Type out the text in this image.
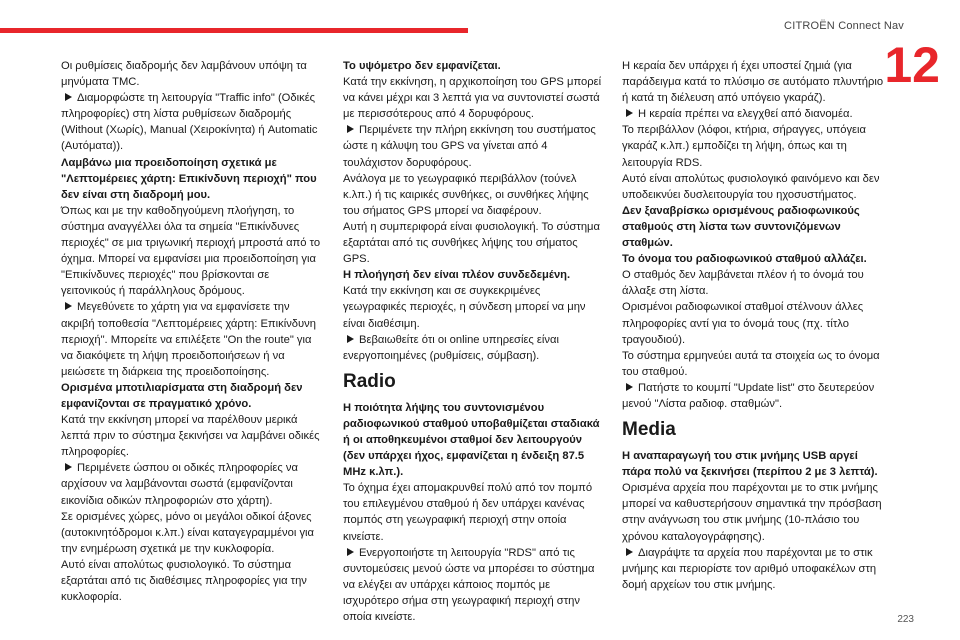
CITROËN Connect Nav
12

Οι ρυθμίσεις διαδρομής δεν λαμβάνουν υπόψη τα μηνύματα TMC.

Διαμορφώστε τη λειτουργία "Traffic info" (Οδικές πληροφορίες) στη λίστα ρυθμίσεων διαδρομής (Without (Χωρίς), Manual (Χειροκίνητα) ή Automatic (Αυτόματα)).

Λαμβάνω μια προειδοποίηση σχετικά με "Λεπτομέρειες χάρτη: Επικίνδυνη περιοχή" που δεν είναι στη διαδρομή μου.

Όπως και με την καθοδηγούμενη πλοήγηση, το σύστημα αναγγέλλει όλα τα σημεία "Επικίνδυνες περιοχές" σε μια τριγωνική περιοχή μπροστά από το όχημα. Μπορεί να εμφανίσει μια προειδοποίηση για "Επικίνδυνες περιοχές" που βρίσκονται σε γειτονικούς ή παράλληλους δρόμους.

Μεγεθύνετε το χάρτη για να εμφανίσετε την ακριβή τοποθεσία "Λεπτομέρειες χάρτη: Επικίνδυνη περιοχή". Μπορείτε να επιλέξετε "On the route" για να διακόψετε τη λήψη προειδοποιήσεων ή να μειώσετε τη διάρκεια της προειδοποίησης.

Ορισμένα μποτιλιαρίσματα στη διαδρομή δεν εμφανίζονται σε πραγματικό χρόνο.

Κατά την εκκίνηση μπορεί να παρέλθουν μερικά λεπτά πριν το σύστημα ξεκινήσει να λαμβάνει οδικές πληροφορίες.

Περιμένετε ώσπου οι οδικές πληροφορίες να αρχίσουν να λαμβάνονται σωστά (εμφανίζονται εικονίδια οδικών πληροφοριών στο χάρτη).

Σε ορισμένες χώρες, μόνο οι μεγάλοι οδικοί άξονες (αυτοκινητόδρομοι κ.λπ.) είναι καταγεγραμμένοι για την ενημέρωση σχετικά με την κυκλοφορία.

Αυτό είναι απολύτως φυσιολογικό. Το σύστημα εξαρτάται από τις διαθέσιμες πληροφορίες για την κυκλοφορία.

Το υψόμετρο δεν εμφανίζεται.

Κατά την εκκίνηση, η αρχικοποίηση του GPS μπορεί να κάνει μέχρι και 3 λεπτά για να συντονιστεί σωστά με περισσότερους από 4 δορυφόρους.

Περιμένετε την πλήρη εκκίνηση του συστήματος ώστε η κάλυψη του GPS να γίνεται από 4 τουλάχιστον δορυφόρους.

Ανάλογα με το γεωγραφικό περιβάλλον (τούνελ κ.λπ.) ή τις καιρικές συνθήκες, οι συνθήκες λήψης του σήματος GPS μπορεί να διαφέρουν.

Αυτή η συμπεριφορά είναι φυσιολογική. Το σύστημα εξαρτάται από τις συνθήκες λήψης του σήματος GPS.

Η πλοήγησή δεν είναι πλέον συνδεδεμένη.

Κατά την εκκίνηση και σε συγκεκριμένες γεωγραφικές περιοχές, η σύνδεση μπορεί να μην είναι διαθέσιμη.

Βεβαιωθείτε ότι οι online υπηρεσίες είναι ενεργοποιημένες (ρυθμίσεις, σύμβαση).

Radio

Η ποιότητα λήψης του συντονισμένου ραδιοφωνικού σταθμού υποβαθμίζεται σταδιακά ή οι αποθηκευμένοι σταθμοί δεν λειτουργούν (δεν υπάρχει ήχος, εμφανίζεται η ένδειξη 87.5 MHz κ.λπ.).

Το όχημα έχει απομακρυνθεί πολύ από τον πομπό του επιλεγμένου σταθμού ή δεν υπάρχει κανένας πομπός στη γεωγραφική περιοχή στην οποία κινείστε.

Ενεργοποιήστε τη λειτουργία "RDS" από τις συντομεύσεις μενού ώστε να μπορέσει το σύστημα να ελέγξει αν υπάρχει κάποιος πομπός με ισχυρότερο σήμα στη γεωγραφική περιοχή στην οποία κινείστε.

Η κεραία δεν υπάρχει ή έχει υποστεί ζημιά (για παράδειγμα κατά το πλύσιμο σε αυτόματο πλυντήριο ή κατά τη διέλευση από υπόγειο γκαράζ).

Η κεραία πρέπει να ελεγχθεί από διανομέα.

Το περιβάλλον (λόφοι, κτήρια, σήραγγες, υπόγεια γκαράζ κ.λπ.) εμποδίζει τη λήψη, όπως και τη λειτουργία RDS.

Αυτό είναι απολύτως φυσιολογικό φαινόμενο και δεν υποδεικνύει δυσλειτουργία του ηχοσυστήματος.

Δεν ξαναβρίσκω ορισμένους ραδιοφωνικούς σταθμούς στη λίστα των συντονιζόμενων σταθμών.

Το όνομα του ραδιοφωνικού σταθμού αλλάζει.

Ο σταθμός δεν λαμβάνεται πλέον ή το όνομά του άλλαξε στη λίστα.

Ορισμένοι ραδιοφωνικοί σταθμοί στέλνουν άλλες πληροφορίες αντί για το όνομά τους (πχ. τίτλο τραγουδιού).

Το σύστημα ερμηνεύει αυτά τα στοιχεία ως το όνομα του σταθμού.

Πατήστε το κουμπί "Update list" στο δευτερεύον μενού "Λίστα ραδιοφ. σταθμών".

Media

Η αναπαραγωγή του στικ μνήμης USB αργεί πάρα πολύ να ξεκινήσει (περίπου 2 με 3 λεπτά).

Ορισμένα αρχεία που παρέχονται με το στικ μνήμης μπορεί να καθυστερήσουν σημαντικά την πρόσβαση στην ανάγνωση του στικ μνήμης (10-πλάσιο του χρόνου καταλογογράφησης).

Διαγράψτε τα αρχεία που παρέχονται με το στικ μνήμης και περιορίστε τον αριθμό υποφακέλων στη δομή αρχείων του στικ μνήμης.

223
